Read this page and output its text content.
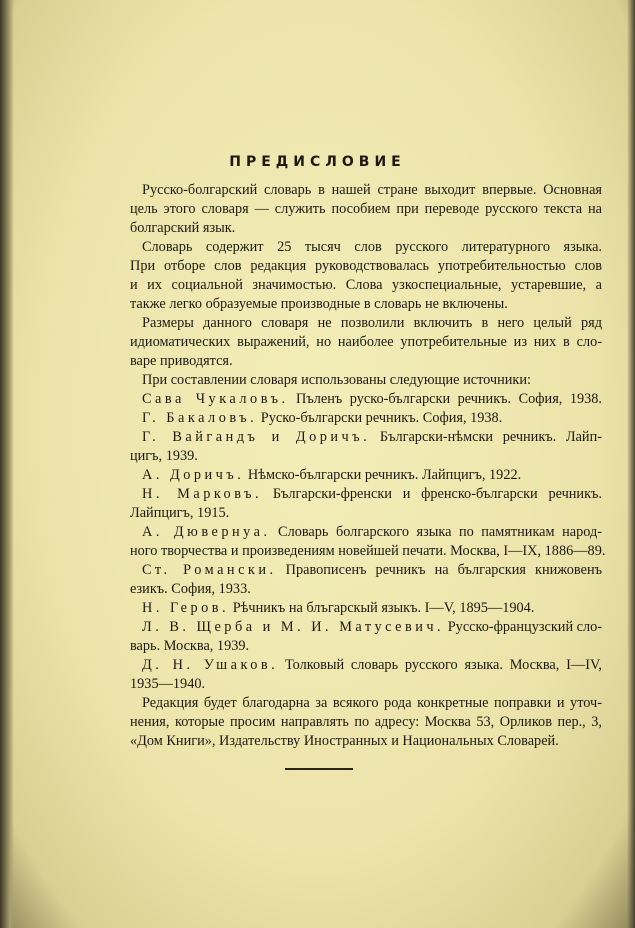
ПРЕДИСЛОВИЕ
Русско-болгарский словарь в нашей стране выходит впервые. Основная
цель этого словаря — служить пособием при переводе русского текста на
болгарский язык.
Словарь содержит 25 тысяч слов русского литературного языка.
При отборе слов редакция руководствовалась употребительностью слов
и их социальной значимостью. Слова узкоспециальные, устаревшие, а
также легко образуемые производные в словарь не включены.
Размеры данного словаря не позволили включить в него целый ряд
идиоматических выражений, но наиболее употребительные из них в сло-
варе приводятся.
При составлении словаря использованы следующие источники:
Сава Чукаловъ. Пъленъ руско-български речникъ. София, 1938.
Г. Бакаловъ. Руско-български речникъ. София, 1938.
Г. Вайгандъ и Доричъ. Български-нѣмски речникъ. Лайп-
цигъ, 1939.
А. Доричъ. Нѣмско-български речникъ. Лайпцигъ, 1922.
Н. Марковъ. Български-френски и френско-български речникъ.
Лайпцигъ, 1915.
А. Дювернуа. Словарь болгарского языка по памятникам народ-
ного творчества и произведениям новейшей печати. Москва, I—IX, 1886—89.
Ст. Романски. Правописенъ речникъ на българския книжовенъ
езикъ. София, 1933.
Н. Геров. Рѣчникъ на блъгарскый языкъ. I—V, 1895—1904.
Л. В. Щерба и М. И. Матусевич. Русско-французский сло-
варь. Москва, 1939.
Д. Н. Ушаков. Толковый словарь русского языка. Москва, I—IV,
1935—1940.
Редакция будет благодарна за всякого рода конкретные поправки и уточ-
нения, которые просим направлять по адресу: Москва 53, Орликов пер., 3,
«Дом Книги», Издательству Иностранных и Национальных Словарей.
